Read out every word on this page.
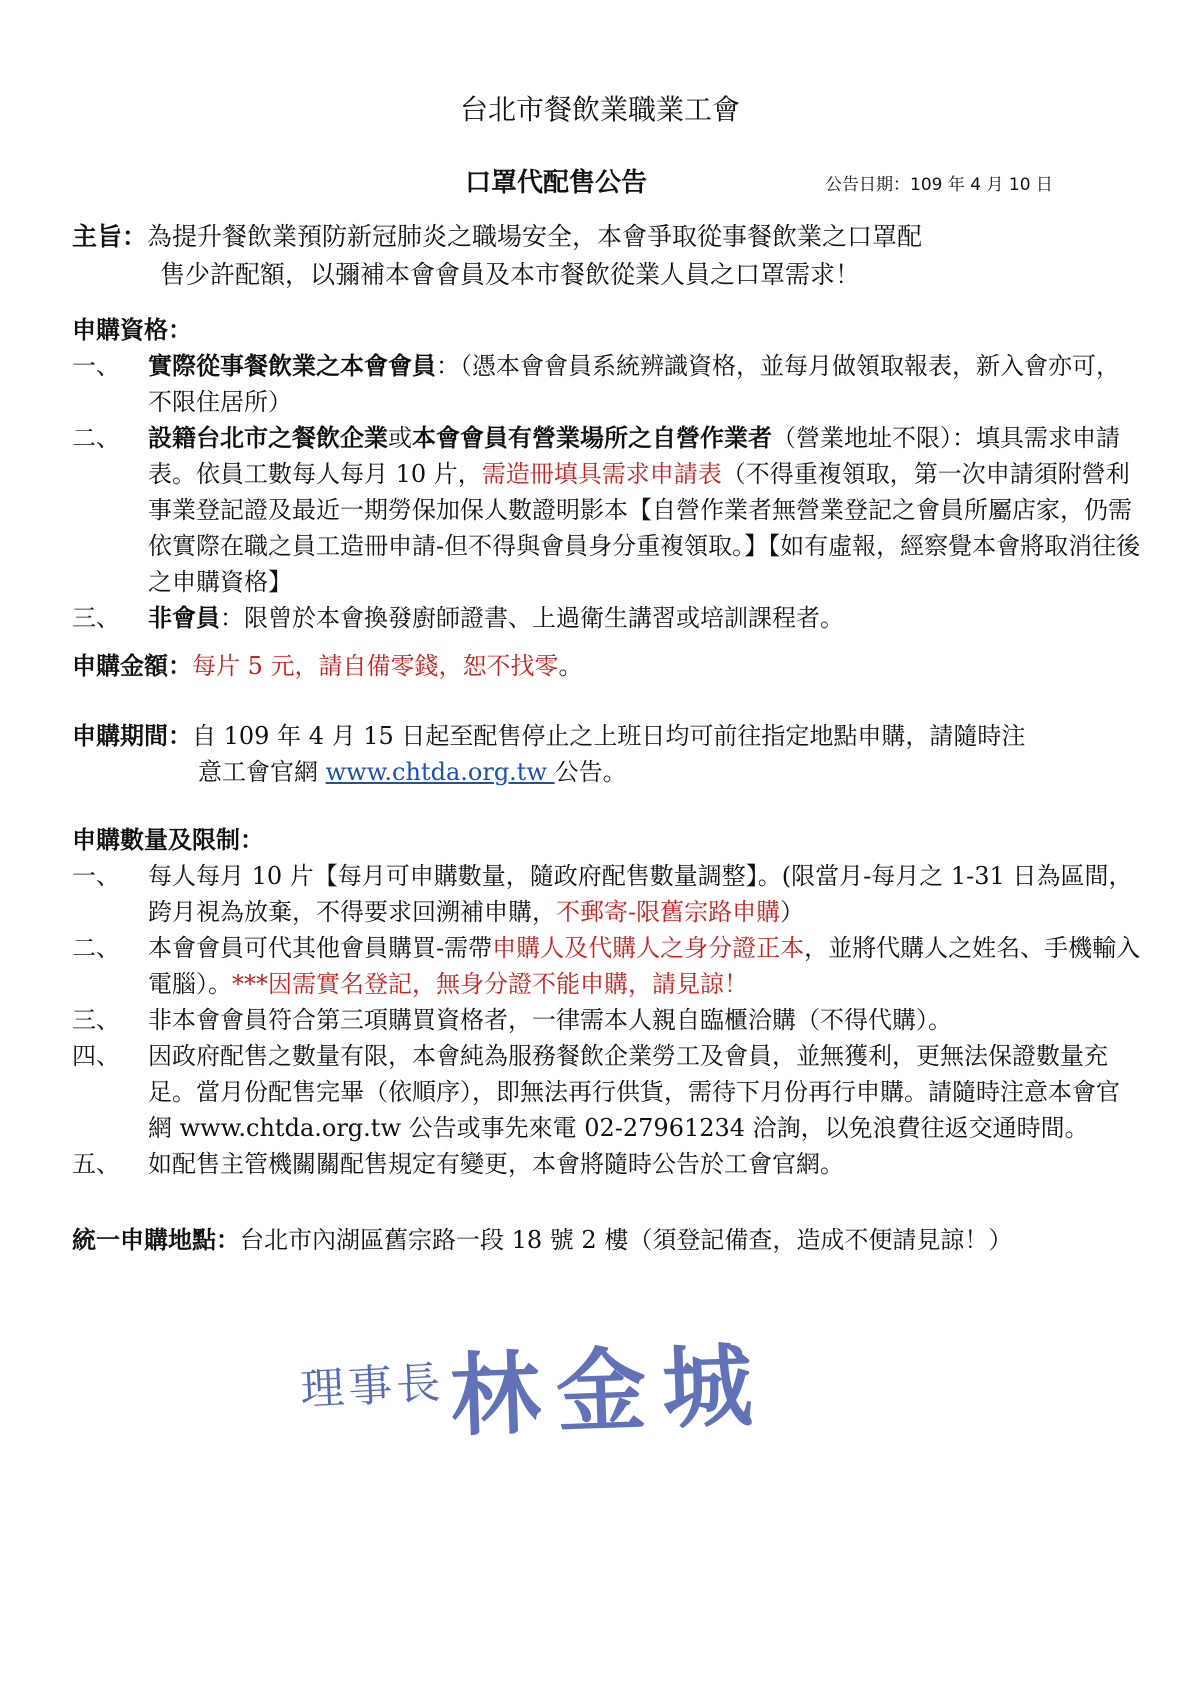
台北市餐飲業職業工會
口罩代配售公告	公告日期：109 年 4 月 10 日
主旨：為提升餐飲業預防新冠肺炎之職場安全，本會爭取從事餐飲業之口罩配
售少許配額，以彌補本會會員及本市餐飲從業人員之口罩需求！
申購資格：
一、	實際從事餐飲業之本會會員：（憑本會會員系統辨識資格，並每月做領取報表，新入會亦可，不限住居所）
二、	設籍台北市之餐飲企業或本會會員有營業場所之自營作業者（營業地址不限）：填具需求申請表。依員工數每人每月 10 片，需造冊填具需求申請表（不得重複領取，第一次申請須附營利事業登記證及最近一期勞保加保人數證明影本【自營作業者無營業登記之會員所屬店家，仍需依實際在職之員工造冊申請-但不得與會員身分重複領取。】【如有虛報，經察覺本會將取消往後之申購資格】
三、	非會員：限曾於本會換發廚師證書、上過衛生講習或培訓課程者。
申購金額：每片 5 元，請自備零錢，恕不找零。
申購期間：自 109 年 4 月 15 日起至配售停止之上班日均可前往指定地點申購，請隨時注
意工會官網 www.chtda.org.tw 公告。
申購數量及限制：
一、	每人每月 10 片【每月可申購數量，隨政府配售數量調整】。(限當月-每月之 1-31 日為區間，跨月視為放棄，不得要求回溯補申購，不郵寄-限舊宗路申購）
二、	本會會員可代其他會員購買-需帶申購人及代購人之身分證正本，並將代購人之姓名、手機輸入電腦）。***因需實名登記，無身分證不能申購，請見諒！
三、	非本會會員符合第三項購買資格者，一律需本人親自臨櫃洽購（不得代購）。
四、	因政府配售之數量有限，本會純為服務餐飲企業勞工及會員，並無獲利，更無法保證數量充足。當月份配售完畢（依順序），即無法再行供貨，需待下月份再行申購。請隨時注意本會官網 www.chtda.org.tw 公告或事先來電 02-27961234 洽詢，以免浪費往返交通時間。
五、	如配售主管機關關配售規定有變更，本會將隨時公告於工會官網。
統一申購地點：台北市內湖區舊宗路一段 18 號 2 樓（須登記備查，造成不便請見諒！）
理事長 林金城
